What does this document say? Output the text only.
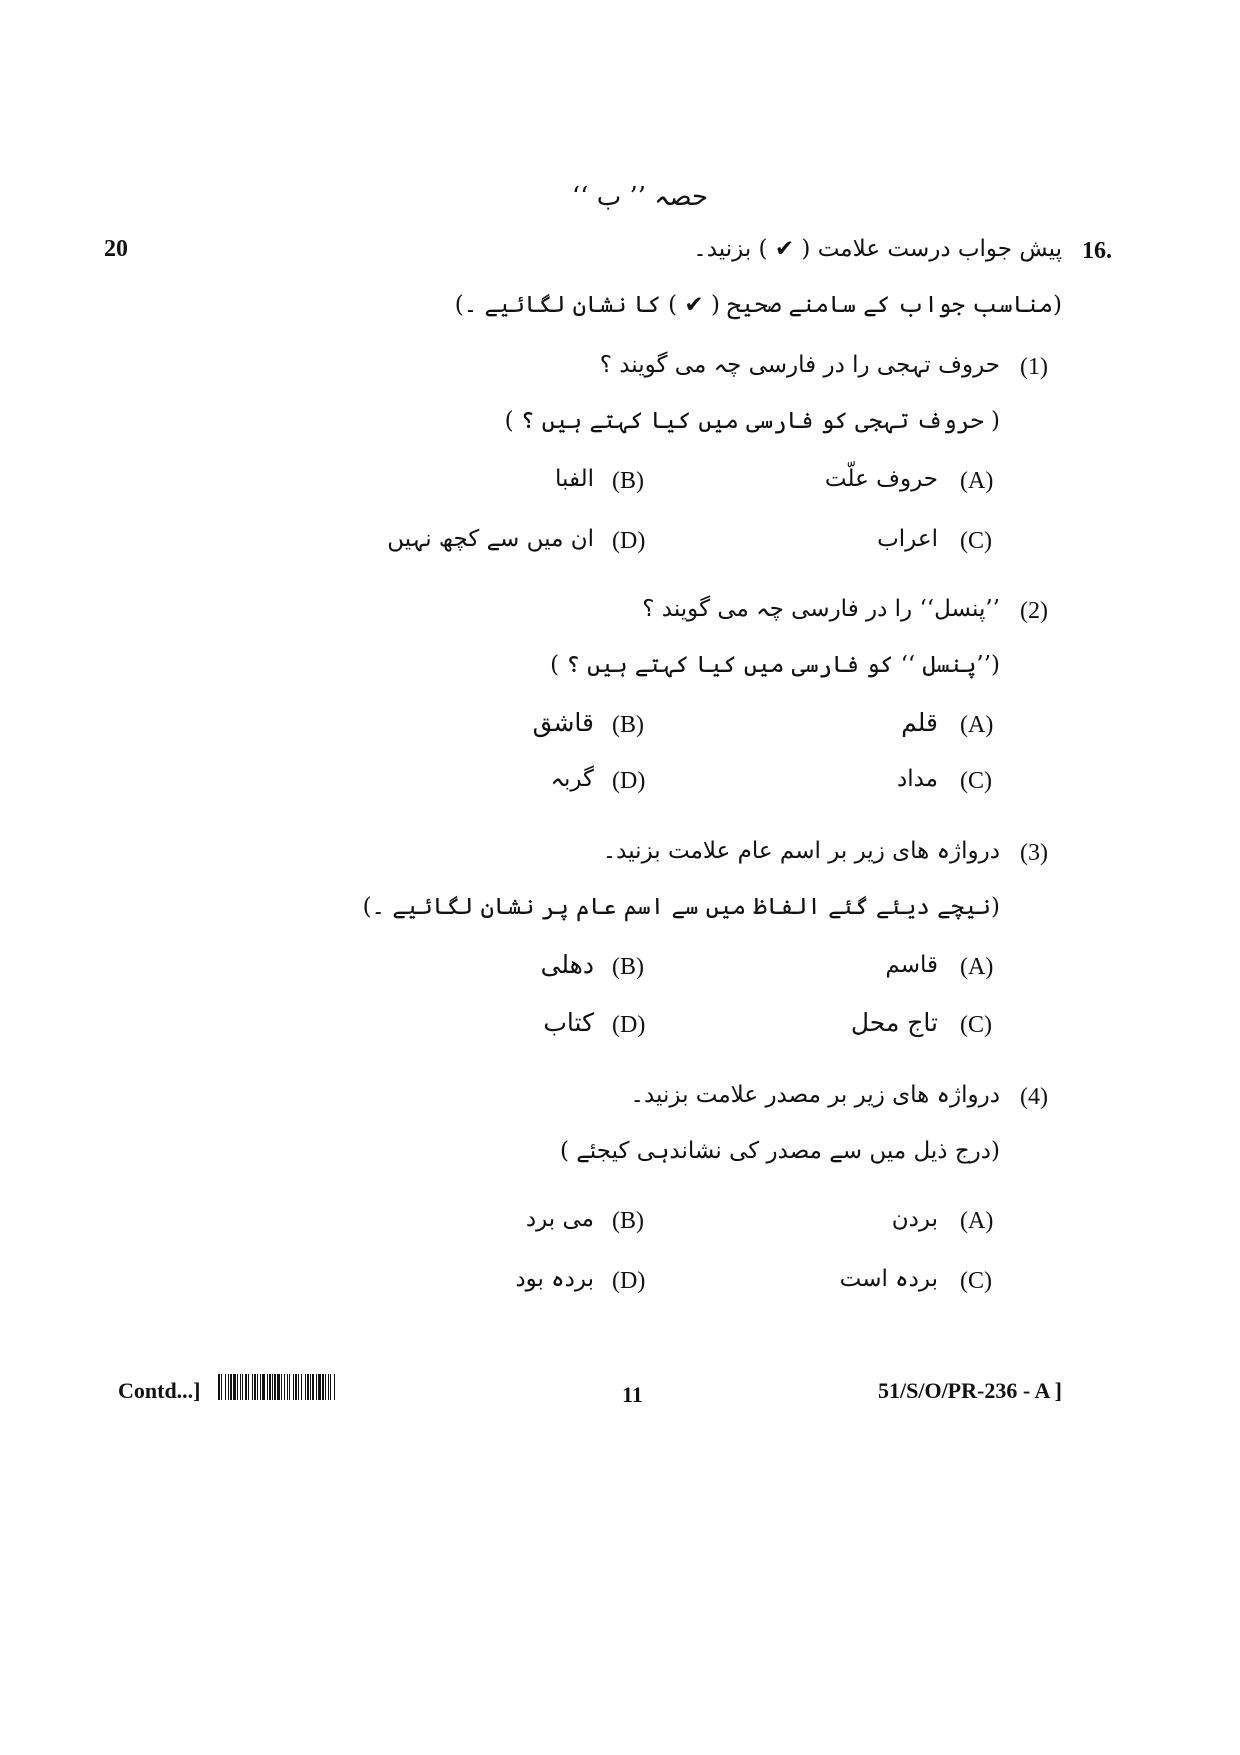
حصہ ’’ ب ‘‘
20	16.
پیش جواب درست علامت ( ✔ ) بزنید۔
(مناسب جواب کے سامنے صحیح ( ✔ ) کا نشان لگائیے ۔)
(1)
حروف تہجی را در فارسی چہ می گویند ؟
( حروف تہجی کو فارسی میں کیا کہتے ہیں ؟ )
(A)
حروف علّت
(B)
الفبا
(C)
اعراب
(D)
ان میں سے کچھ نہیں
(2)
’’پنسل‘‘ را در فارسی چہ می گویند ؟
(’’پنسل ‘‘ کو فارسی میں کیا کہتے ہیں ؟ )
(A)
قلم
(B)
قاشق
(C)
مداد
(D)
گربہ
(3)
درواژہ ھای زیر بر اسم عام علامت بزنید۔
(نیچے دیئے گئے الفاظ میں سے اسم عام پر نشان لگائیے ۔)
(A)
قاسم
(B)
دھلی
(C)
تاج محل
(D)
کتاب
(4)
درواژہ ھای زیر بر مصدر علامت بزنید۔
(درج ذیل میں سے مصدر کی نشاندہی کیجئے )
(A)
بردن
(B)
می برد
(C)
بردہ است
(D)
بردہ بود
Contd...]	11	51/S/O/PR-236 - A ]
